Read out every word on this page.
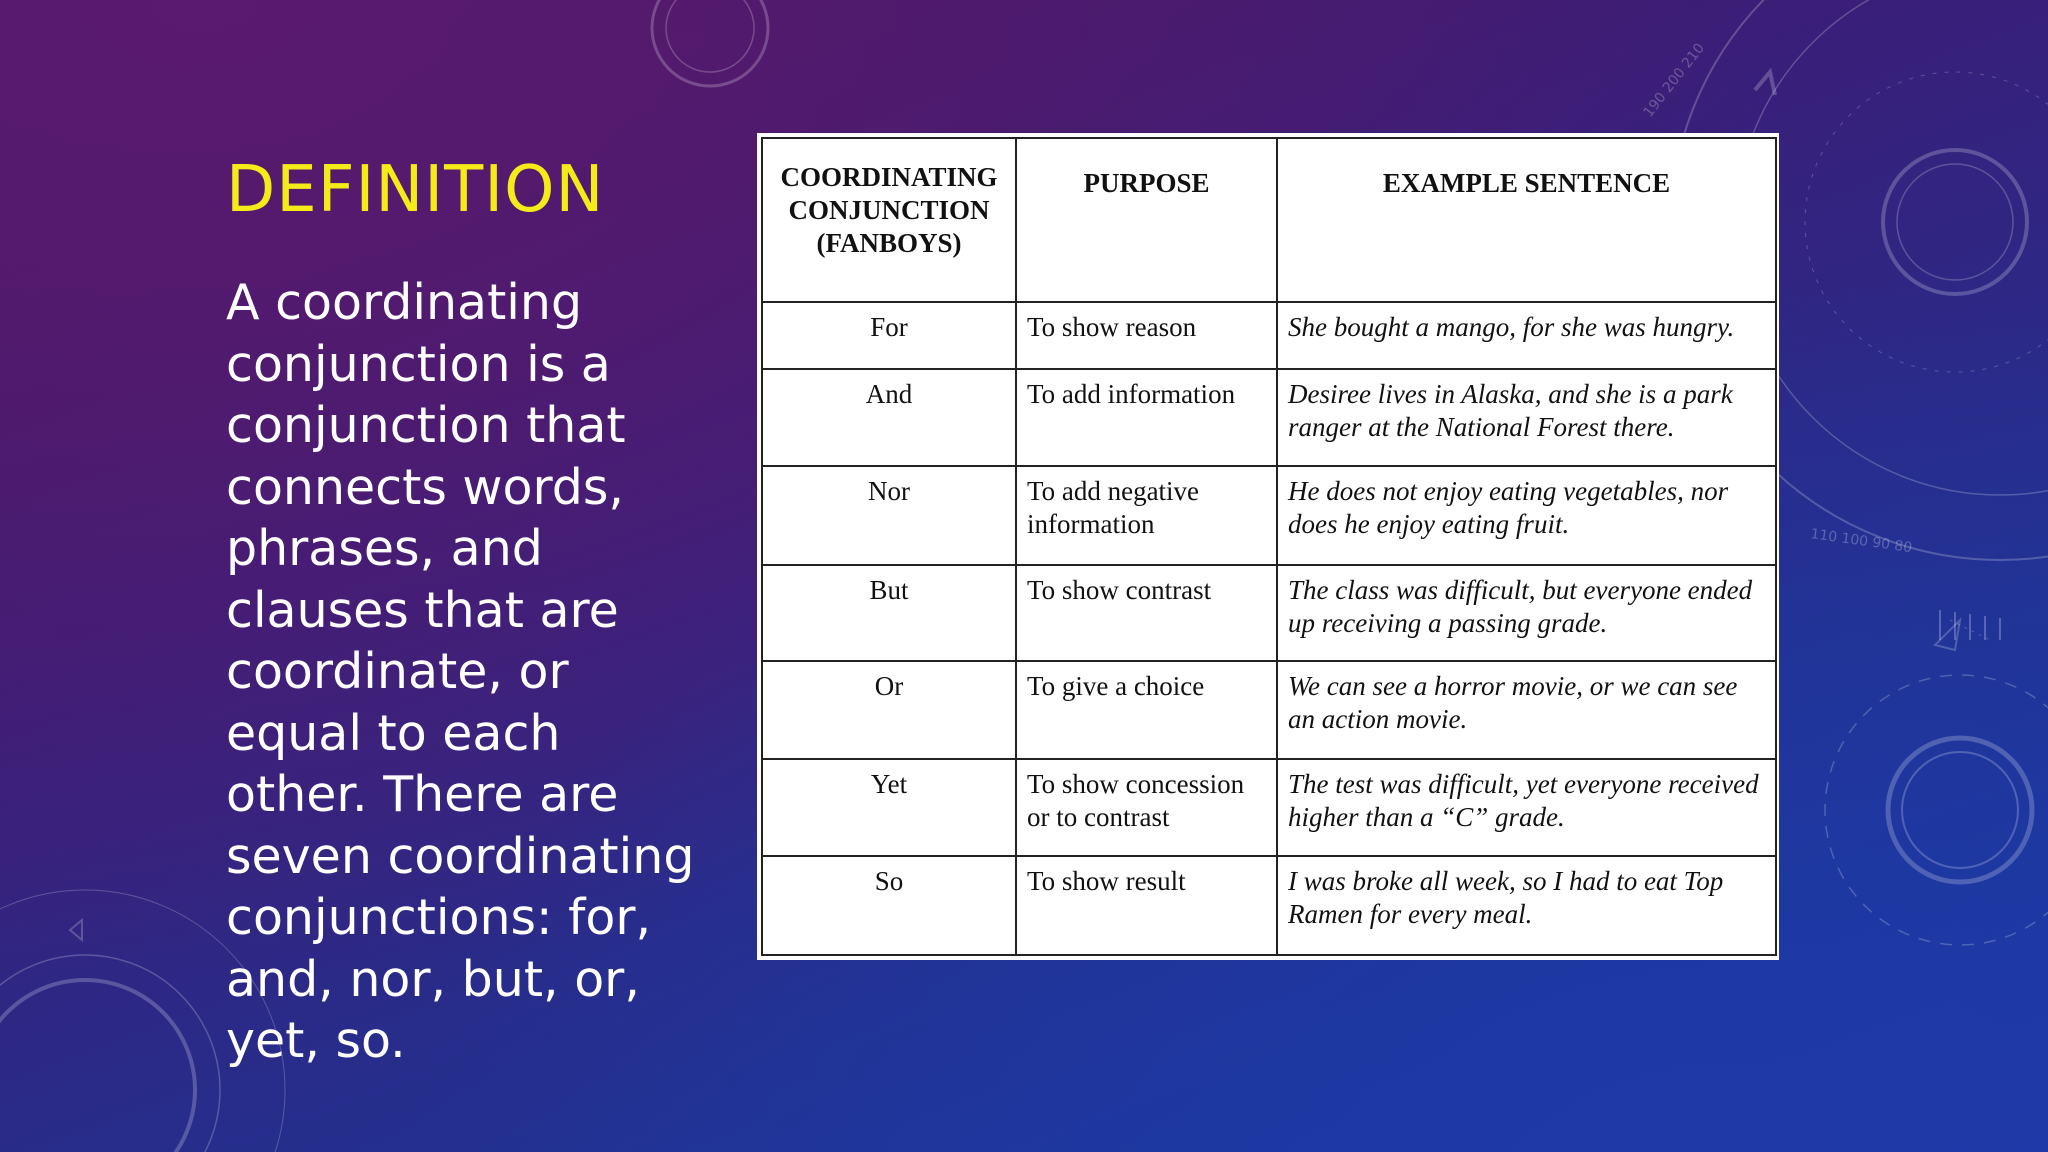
190 200 210
110 100 90 80
DEFINITION

A coordinating conjunction is a conjunction that connects words, phrases, and clauses that are coordinate, or equal to each other. There are seven coordinating conjunctions: for, and, nor, but, or, yet, so.

COORDINATING CONJUNCTION (FANBOYS)	PURPOSE	EXAMPLE SENTENCE
For	To show reason	She bought a mango, for she was hungry.
And	To add information	Desiree lives in Alaska, and she is a park ranger at the National Forest there.
Nor	To add negative information	He does not enjoy eating vegetables, nor does he enjoy eating fruit.
But	To show contrast	The class was difficult, but everyone ended up receiving a passing grade.
Or	To give a choice	We can see a horror movie, or we can see an action movie.
Yet	To show concession or to contrast	The test was difficult, yet everyone received higher than a “C” grade.
So	To show result	I was broke all week, so I had to eat Top Ramen for every meal.
